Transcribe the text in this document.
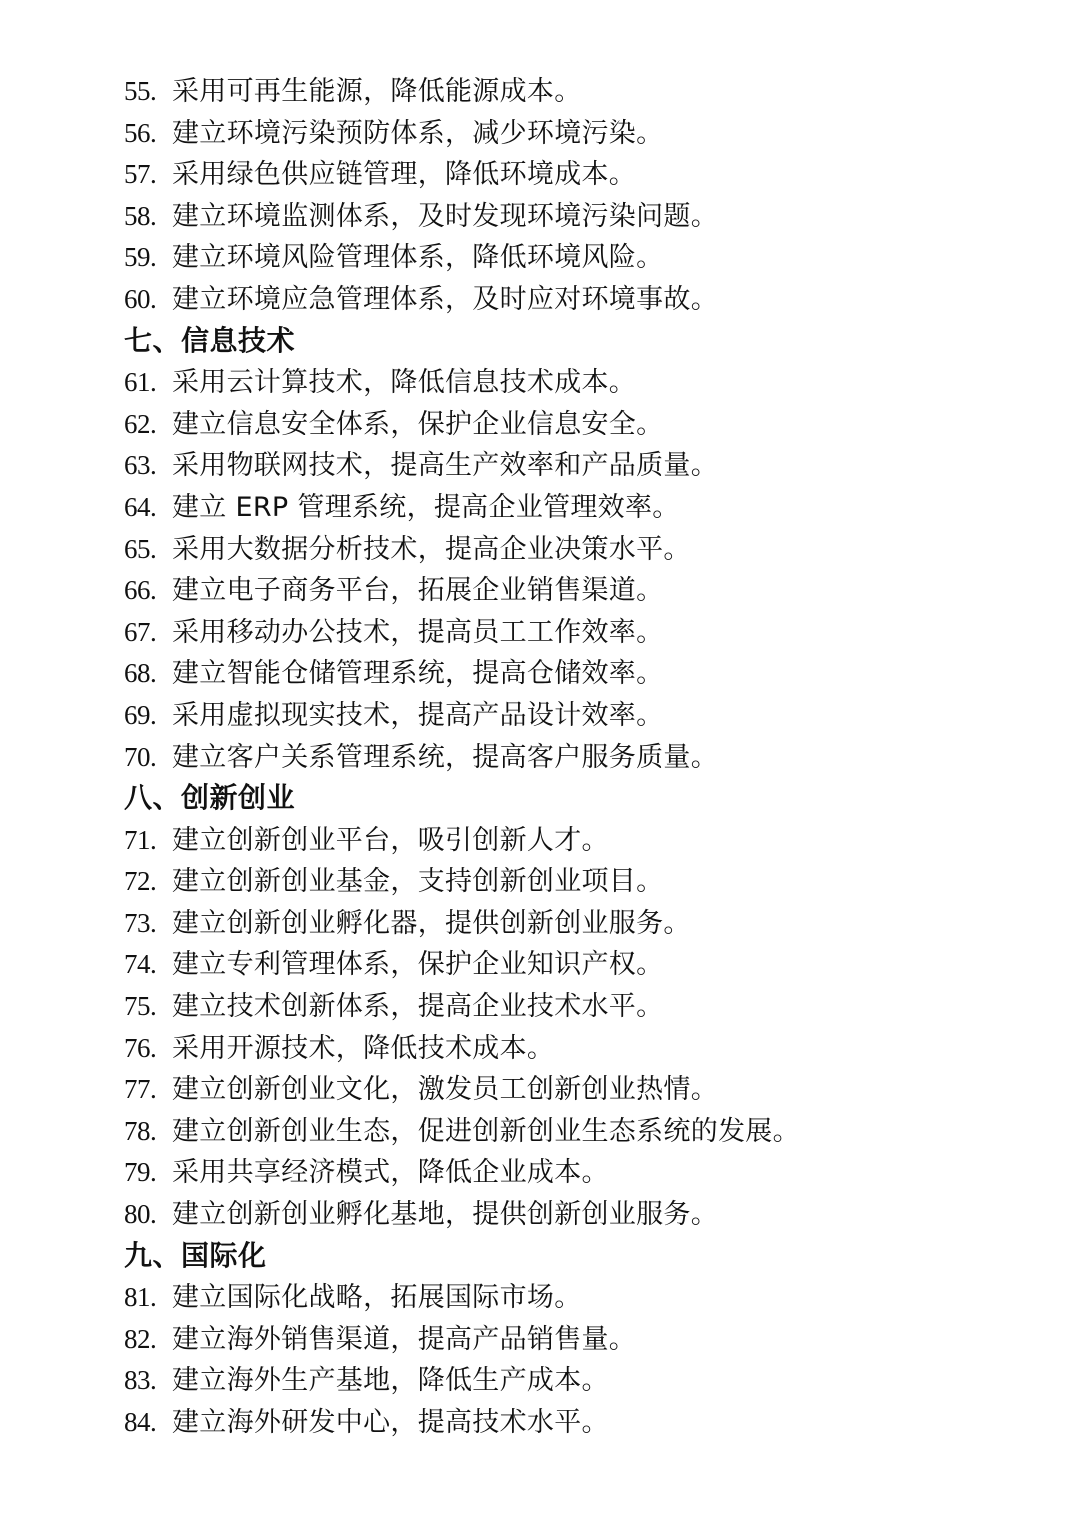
55. 采用可再生能源，降低能源成本。
56. 建立环境污染预防体系，减少环境污染。
57. 采用绿色供应链管理，降低环境成本。
58. 建立环境监测体系，及时发现环境污染问题。
59. 建立环境风险管理体系，降低环境风险。
60. 建立环境应急管理体系，及时应对环境事故。
七、信息技术
61. 采用云计算技术，降低信息技术成本。
62. 建立信息安全体系，保护企业信息安全。
63. 采用物联网技术，提高生产效率和产品质量。
64. 建立 ERP 管理系统，提高企业管理效率。
65. 采用大数据分析技术，提高企业决策水平。
66. 建立电子商务平台，拓展企业销售渠道。
67. 采用移动办公技术，提高员工工作效率。
68. 建立智能仓储管理系统，提高仓储效率。
69. 采用虚拟现实技术，提高产品设计效率。
70. 建立客户关系管理系统，提高客户服务质量。
八、创新创业
71. 建立创新创业平台，吸引创新人才。
72. 建立创新创业基金，支持创新创业项目。
73. 建立创新创业孵化器，提供创新创业服务。
74. 建立专利管理体系，保护企业知识产权。
75. 建立技术创新体系，提高企业技术水平。
76. 采用开源技术，降低技术成本。
77. 建立创新创业文化，激发员工创新创业热情。
78. 建立创新创业生态，促进创新创业生态系统的发展。
79. 采用共享经济模式，降低企业成本。
80. 建立创新创业孵化基地，提供创新创业服务。
九、国际化
81. 建立国际化战略，拓展国际市场。
82. 建立海外销售渠道，提高产品销售量。
83. 建立海外生产基地，降低生产成本。
84. 建立海外研发中心，提高技术水平。
